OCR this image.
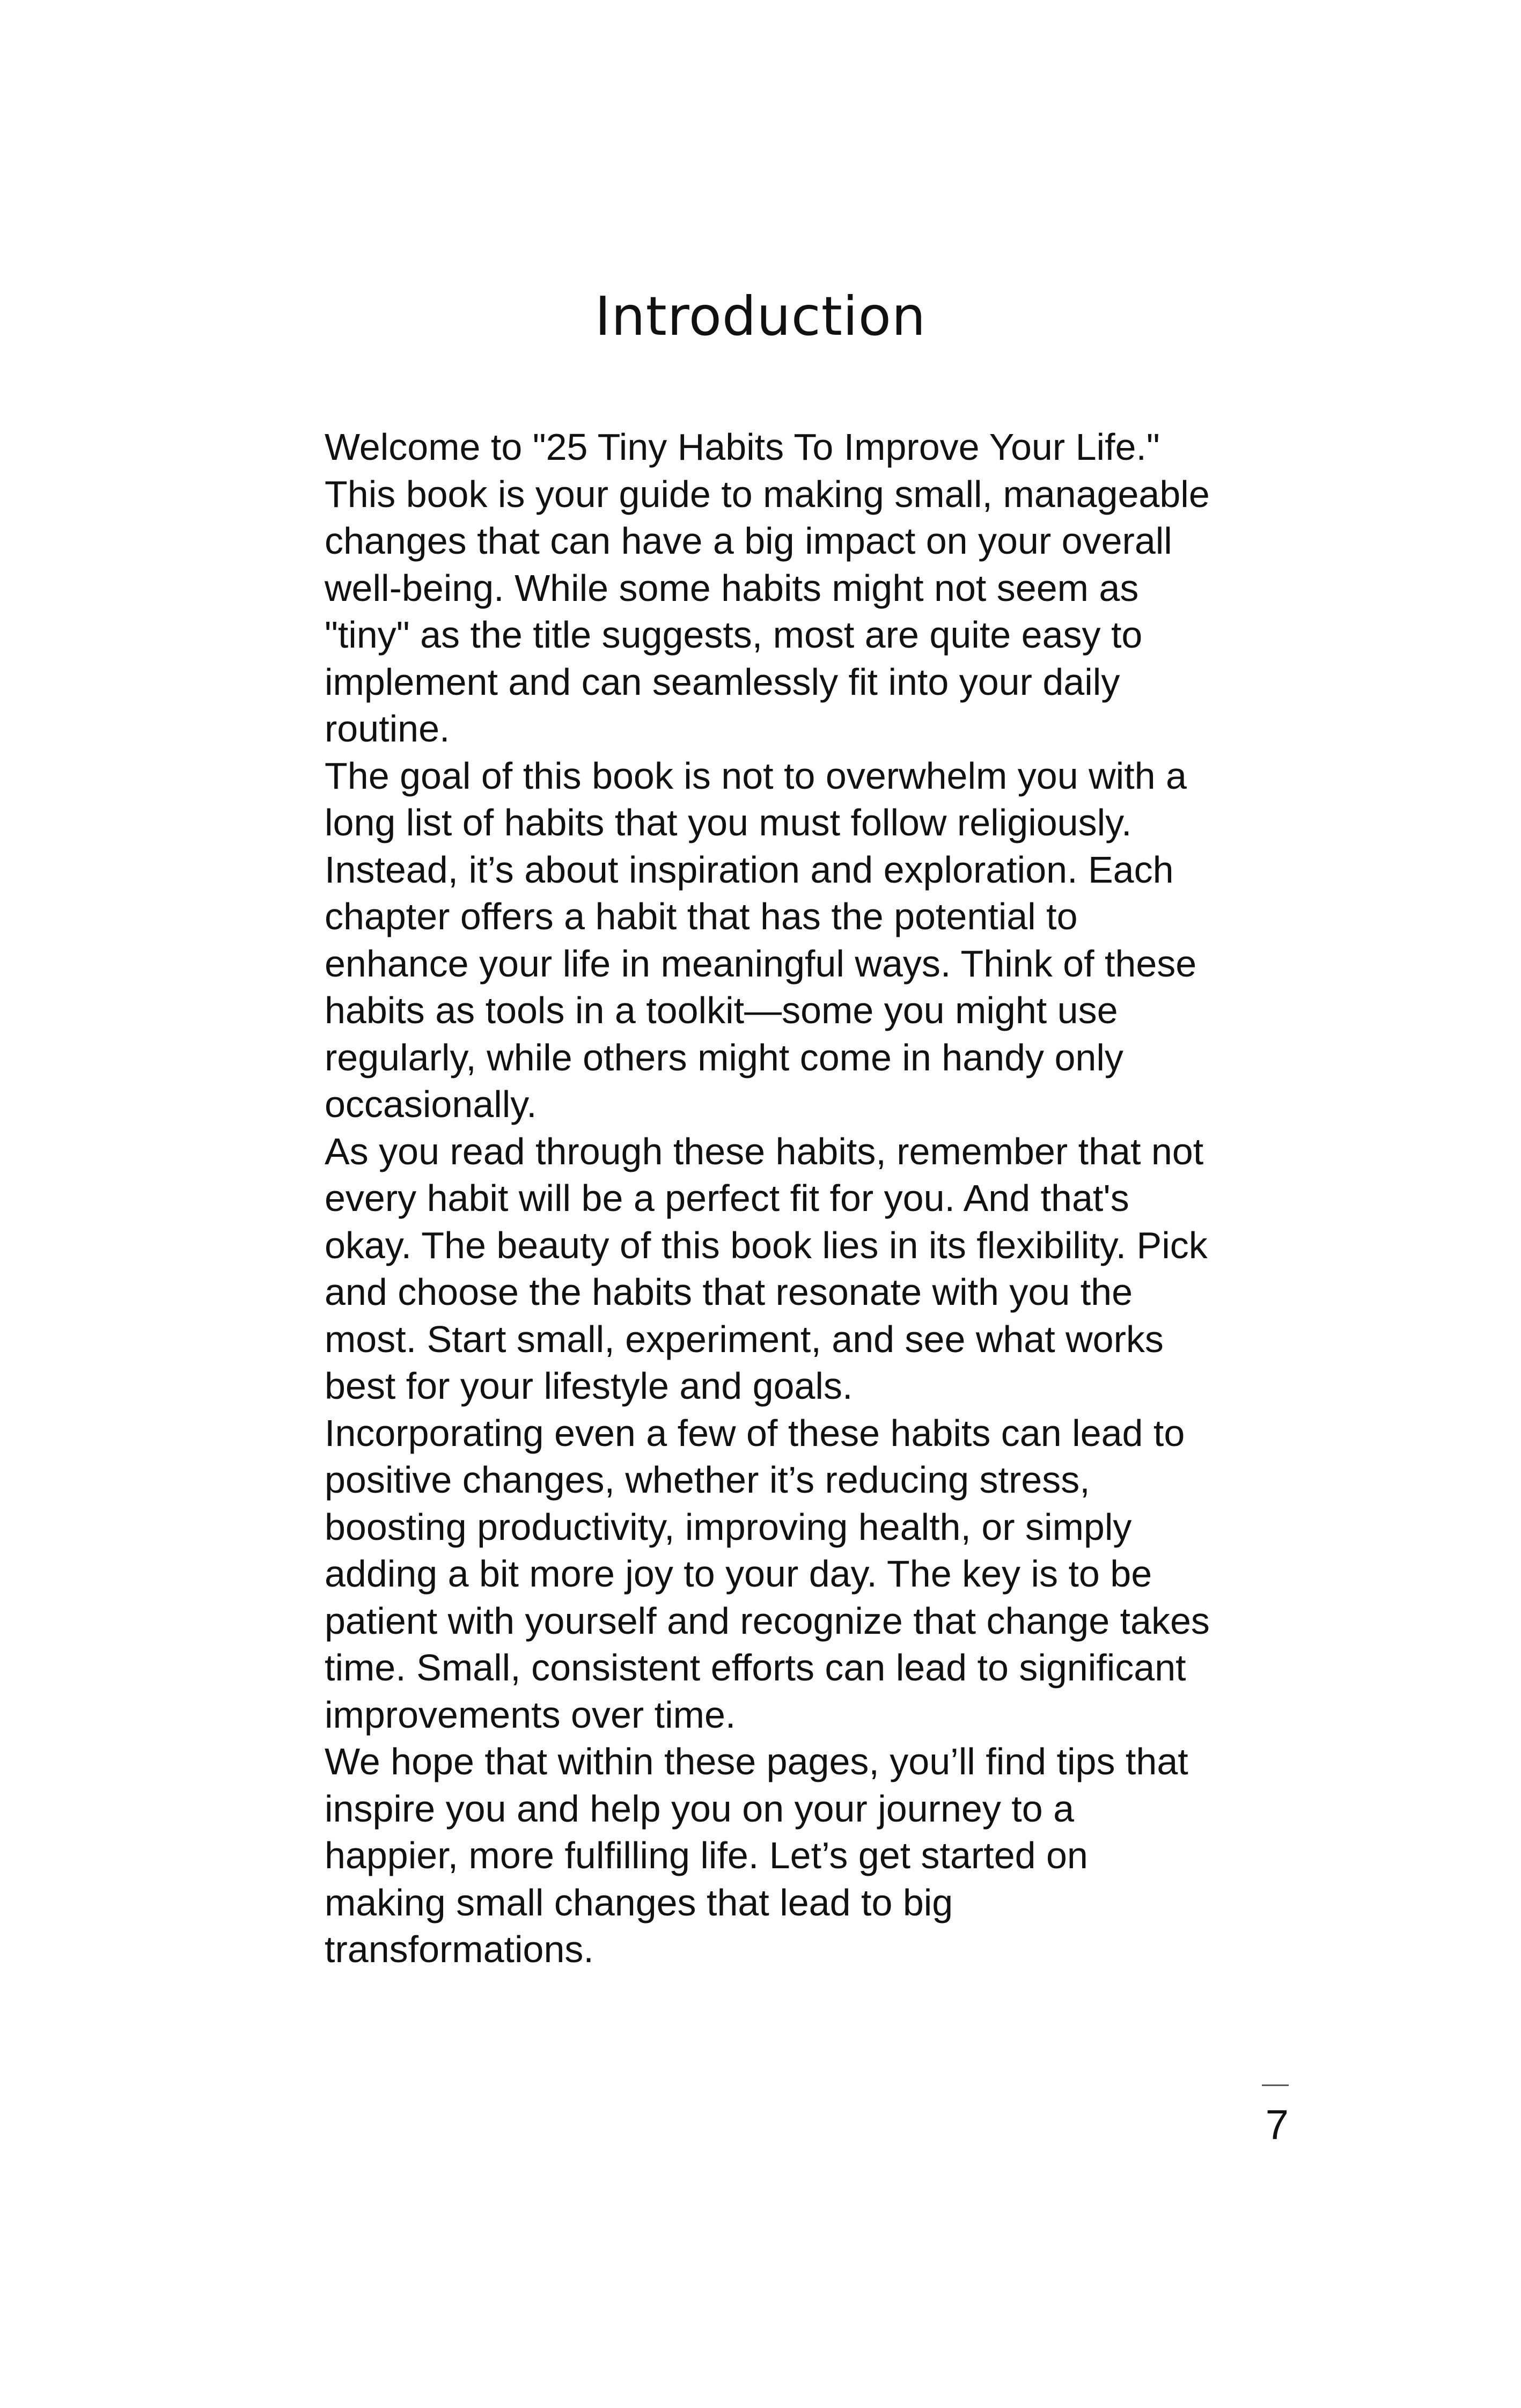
Introduction
Welcome to "25 Tiny Habits To Improve Your Life."
This book is your guide to making small, manageable
changes that can have a big impact on your overall
well-being. While some habits might not seem as
"tiny" as the title suggests, most are quite easy to
implement and can seamlessly fit into your daily
routine.
The goal of this book is not to overwhelm you with a
long list of habits that you must follow religiously.
Instead, it’s about inspiration and exploration. Each
chapter offers a habit that has the potential to
enhance your life in meaningful ways. Think of these
habits as tools in a toolkit—some you might use
regularly, while others might come in handy only
occasionally.
As you read through these habits, remember that not
every habit will be a perfect fit for you. And that's
okay. The beauty of this book lies in its flexibility. Pick
and choose the habits that resonate with you the
most. Start small, experiment, and see what works
best for your lifestyle and goals.
Incorporating even a few of these habits can lead to
positive changes, whether it’s reducing stress,
boosting productivity, improving health, or simply
adding a bit more joy to your day. The key is to be
patient with yourself and recognize that change takes
time. Small, consistent efforts can lead to significant
improvements over time.
We hope that within these pages, you’ll find tips that
inspire you and help you on your journey to a
happier, more fulfilling life. Let’s get started on
making small changes that lead to big
transformations.
7
